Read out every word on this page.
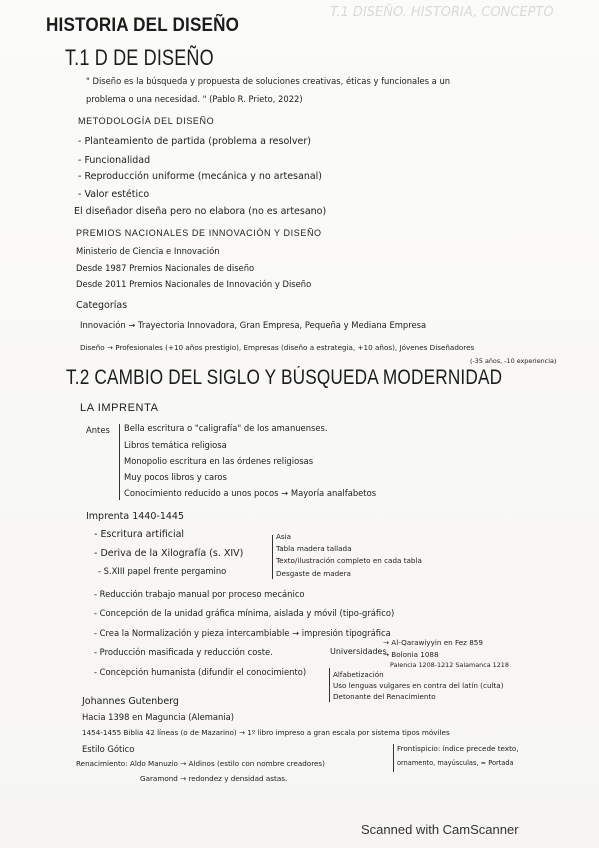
T.1 DISEÑO. HISTORIA, CONCEPTO
HISTORIA DEL DISEÑO
T.1 D DE DISEÑO
" Diseño es la búsqueda y propuesta de soluciones creativas, éticas y funcionales a un
problema o una necesidad. " (Pablo R. Prieto, 2022)
METODOLOGÍA DEL DISEÑO
- Planteamiento de partida (problema a resolver)
- Funcionalidad
- Reproducción uniforme (mecánica y no artesanal)
- Valor estético
El diseñador diseña pero no elabora (no es artesano)
PREMIOS NACIONALES DE INNOVACIÓN Y DISEÑO
Ministerio de Ciencia e Innovación
Desde 1987 Premios Nacionales de diseño
Desde 2011 Premios Nacionales de Innovación y Diseño
Categorías
Innovación → Trayectoria Innovadora, Gran Empresa, Pequeña y Mediana Empresa
Diseño → Profesionales (+10 años prestigio), Empresas (diseño a estrategia, +10 años), Jóvenes Diseñadores
(-35 años, -10 experiencia)
T.2 CAMBIO DEL SIGLO Y BÚSQUEDA MODERNIDAD
LA IMPRENTA
Antes Bella escritura o "caligrafía" de los amanuenses.
Libros temática religiosa
Monopolio escritura en las órdenes religiosas
Muy pocos libros y caros
Conocimiento reducido a unos pocos → Mayoría analfabetos
Imprenta 1440-1445
- Escritura artificial
- Deriva de la Xilografía (s. XIV)
Asia
Tabla madera tallada
Texto/ilustración completo en cada tabla
Desgaste de madera
- S.XIII papel frente pergamino
- Reducción trabajo manual por proceso mecánico
- Concepción de la unidad gráfica mínima, aislada y móvil (tipo-gráfico)
- Crea la Normalización y pieza intercambiable → impresión tipográfica
- Producción masificada y reducción coste.
- Concepción humanista (difundir el conocimiento)
Universidades
→ Al-Qarawiyyin en Fez 859
→ Bolonia 1088
Palencia 1208-1212 Salamanca 1218
Alfabetización
Uso lenguas vulgares en contra del latín (culta)
Detonante del Renacimiento
Johannes Gutenberg
Hacia 1398 en Maguncia (Alemania)
1454-1455 Biblia 42 líneas (o de Mazarino) → 1º libro impreso a gran escala por sistema tipos móviles
Estilo Gótico
Renacimiento: Aldo Manuzio → Aldinos (estilo con nombre creadores)
Garamond → redondez y densidad astas.
Frontispicio: índice precede texto,
ornamento, mayúsculas, ≈ Portada
Scanned with CamScanner
